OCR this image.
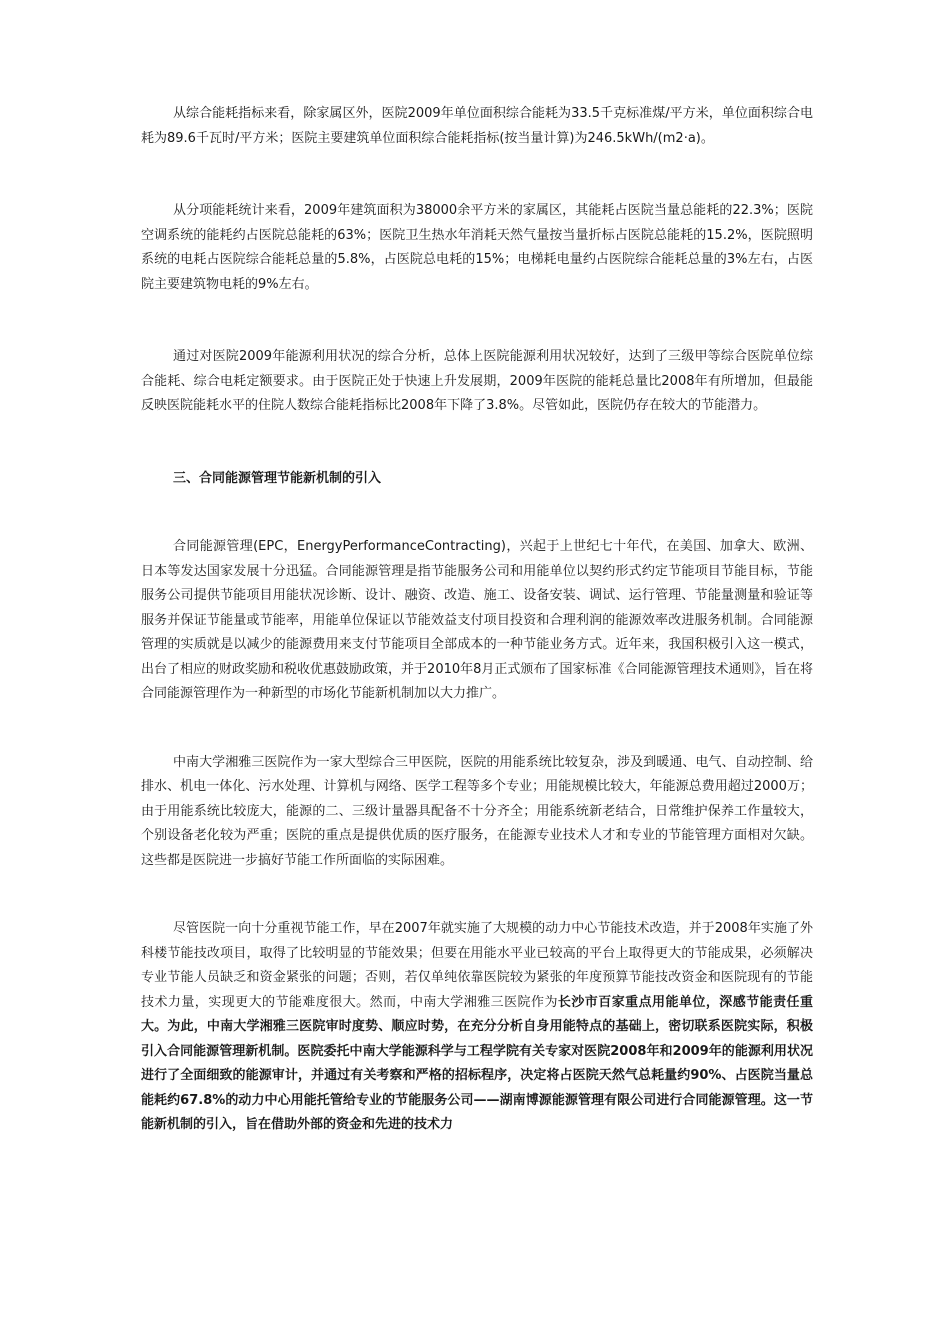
从综合能耗指标来看，除家属区外，医院2009年单位面积综合能耗为33.5千克标准煤/平方米，单位面积综合电耗为89.6千瓦时/平方米；医院主要建筑单位面积综合能耗指标(按当量计算)为246.5kWh/(m2·a)。

从分项能耗统计来看，2009年建筑面积为38000余平方米的家属区，其能耗占医院当量总能耗的22.3%；医院空调系统的能耗约占医院总能耗的63%；医院卫生热水年消耗天然气量按当量折标占医院总能耗的15.2%，医院照明系统的电耗占医院综合能耗总量的5.8%，占医院总电耗的15%；电梯耗电量约占医院综合能耗总量的3%左右，占医院主要建筑物电耗的9%左右。

通过对医院2009年能源利用状况的综合分析，总体上医院能源利用状况较好，达到了三级甲等综合医院单位综合能耗、综合电耗定额要求。由于医院正处于快速上升发展期，2009年医院的能耗总量比2008年有所增加，但最能反映医院能耗水平的住院人数综合能耗指标比2008年下降了3.8%。尽管如此，医院仍存在较大的节能潜力。

三、合同能源管理节能新机制的引入

合同能源管理(EPC，EnergyPerformanceContracting)，兴起于上世纪七十年代，在美国、加拿大、欧洲、日本等发达国家发展十分迅猛。合同能源管理是指节能服务公司和用能单位以契约形式约定节能项目节能目标，节能服务公司提供节能项目用能状况诊断、设计、融资、改造、施工、设备安装、调试、运行管理、节能量测量和验证等服务并保证节能量或节能率，用能单位保证以节能效益支付项目投资和合理利润的能源效率改进服务机制。合同能源管理的实质就是以减少的能源费用来支付节能项目全部成本的一种节能业务方式。近年来，我国积极引入这一模式，出台了相应的财政奖励和税收优惠鼓励政策，并于2010年8月正式颁布了国家标准《合同能源管理技术通则》，旨在将合同能源管理作为一种新型的市场化节能新机制加以大力推广。

中南大学湘雅三医院作为一家大型综合三甲医院，医院的用能系统比较复杂，涉及到暖通、电气、自动控制、给排水、机电一体化、污水处理、计算机与网络、医学工程等多个专业；用能规模比较大，年能源总费用超过2000万；由于用能系统比较庞大，能源的二、三级计量器具配备不十分齐全；用能系统新老结合，日常维护保养工作量较大，个别设备老化较为严重；医院的重点是提供优质的医疗服务，在能源专业技术人才和专业的节能管理方面相对欠缺。这些都是医院进一步搞好节能工作所面临的实际困难。

尽管医院一向十分重视节能工作，早在2007年就实施了大规模的动力中心节能技术改造，并于2008年实施了外科楼节能技改项目，取得了比较明显的节能效果；但要在用能水平业已较高的平台上取得更大的节能成果，必须解决专业节能人员缺乏和资金紧张的问题；否则，若仅单纯依靠医院较为紧张的年度预算节能技改资金和医院现有的节能技术力量，实现更大的节能难度很大。然而，中南大学湘雅三医院作为长沙市百家重点用能单位，深感节能责任重大。为此，中南大学湘雅三医院审时度势、顺应时势，在充分分析自身用能特点的基础上，密切联系医院实际，积极引入合同能源管理新机制。医院委托中南大学能源科学与工程学院有关专家对医院2008年和2009年的能源利用状况进行了全面细致的能源审计，并通过有关考察和严格的招标程序，决定将占医院天然气总耗量约90%、占医院当量总能耗约67.8%的动力中心用能托管给专业的节能服务公司——湖南博源能源管理有限公司进行合同能源管理。这一节能新机制的引入，旨在借助外部的资金和先进的技术力
